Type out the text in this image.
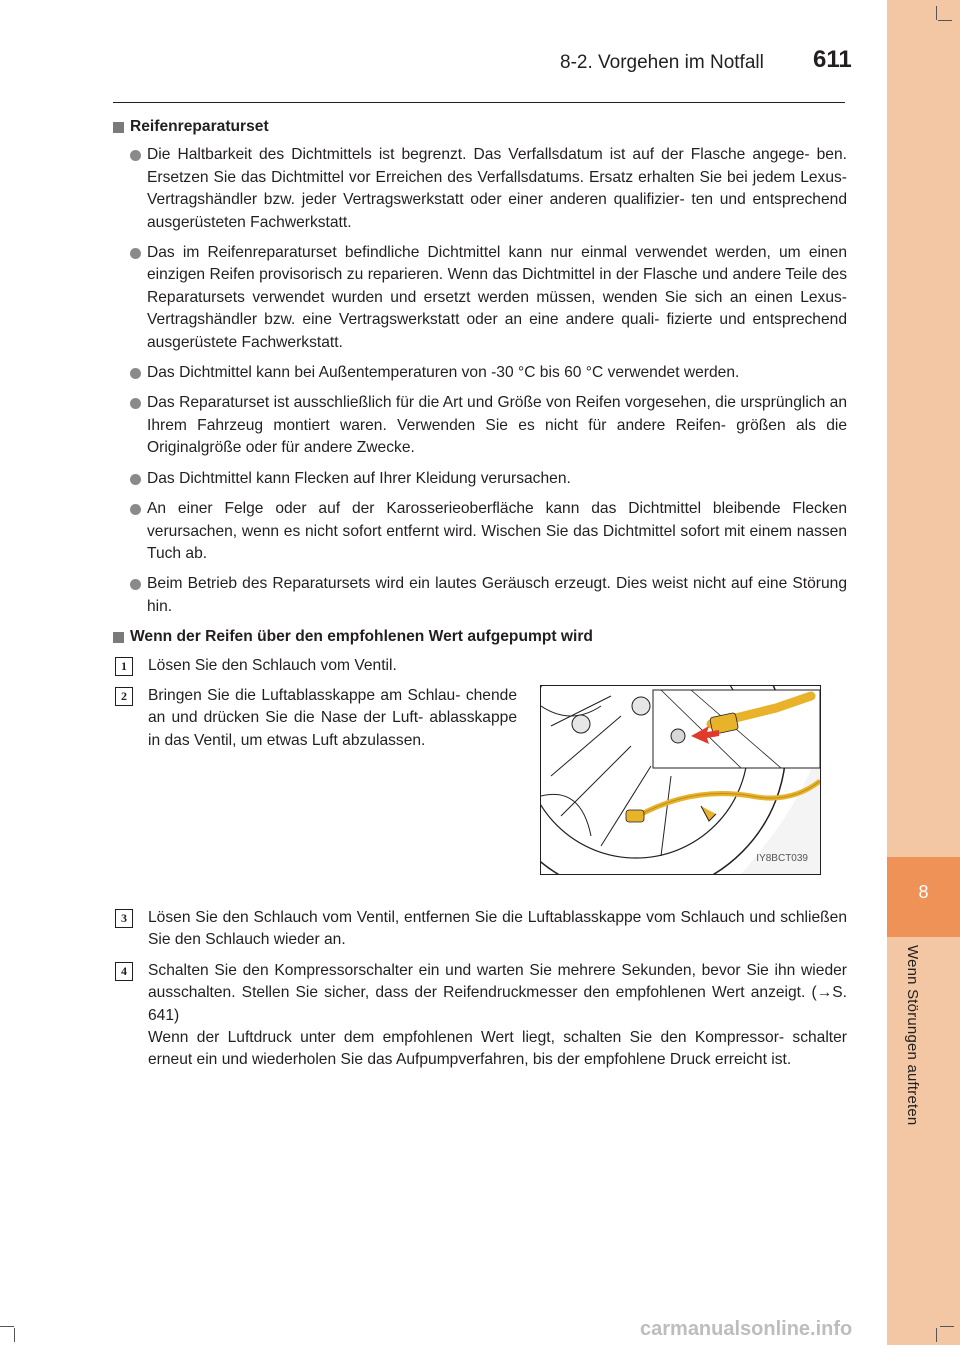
8
Wenn Störungen auftreten
8-2. Vorgehen im Notfall 611
Reifenreparaturset
Die Haltbarkeit des Dichtmittels ist begrenzt. Das Verfallsdatum ist auf der Flasche angege- ben. Ersetzen Sie das Dichtmittel vor Erreichen des Verfallsdatums. Ersatz erhalten Sie bei jedem Lexus-Vertragshändler bzw. jeder Vertragswerkstatt oder einer anderen qualifizier- ten und entsprechend ausgerüsteten Fachwerkstatt.
Das im Reifenreparaturset befindliche Dichtmittel kann nur einmal verwendet werden, um einen einzigen Reifen provisorisch zu reparieren. Wenn das Dichtmittel in der Flasche und andere Teile des Reparatursets verwendet wurden und ersetzt werden müssen, wenden Sie sich an einen Lexus-Vertragshändler bzw. eine Vertragswerkstatt oder an eine andere quali- fizierte und entsprechend ausgerüstete Fachwerkstatt.
Das Dichtmittel kann bei Außentemperaturen von -30 °C bis 60 °C verwendet werden.
Das Reparaturset ist ausschließlich für die Art und Größe von Reifen vorgesehen, die ursprünglich an Ihrem Fahrzeug montiert waren. Verwenden Sie es nicht für andere Reifen- größen als die Originalgröße oder für andere Zwecke.
Das Dichtmittel kann Flecken auf Ihrer Kleidung verursachen.
An einer Felge oder auf der Karosserieoberfläche kann das Dichtmittel bleibende Flecken verursachen, wenn es nicht sofort entfernt wird. Wischen Sie das Dichtmittel sofort mit einem nassen Tuch ab.
Beim Betrieb des Reparatursets wird ein lautes Geräusch erzeugt. Dies weist nicht auf eine Störung hin.
Wenn der Reifen über den empfohlenen Wert aufgepumpt wird
1	Lösen Sie den Schlauch vom Ventil.
2	Bringen Sie die Luftablasskappe am Schlau- chende an und drücken Sie die Nase der Luft- ablasskappe in das Ventil, um etwas Luft abzulassen.
IY8BCT039
3	Lösen Sie den Schlauch vom Ventil, entfernen Sie die Luftablasskappe vom Schlauch und schließen Sie den Schlauch wieder an.
4	Schalten Sie den Kompressorschalter ein und warten Sie mehrere Sekunden, bevor Sie ihn wieder ausschalten. Stellen Sie sicher, dass der Reifendruckmesser den empfohlenen Wert anzeigt. (→S. 641)
Wenn der Luftdruck unter dem empfohlenen Wert liegt, schalten Sie den Kompressor- schalter erneut ein und wiederholen Sie das Aufpumpverfahren, bis der empfohlene Druck erreicht ist.
carmanualsonline.info
